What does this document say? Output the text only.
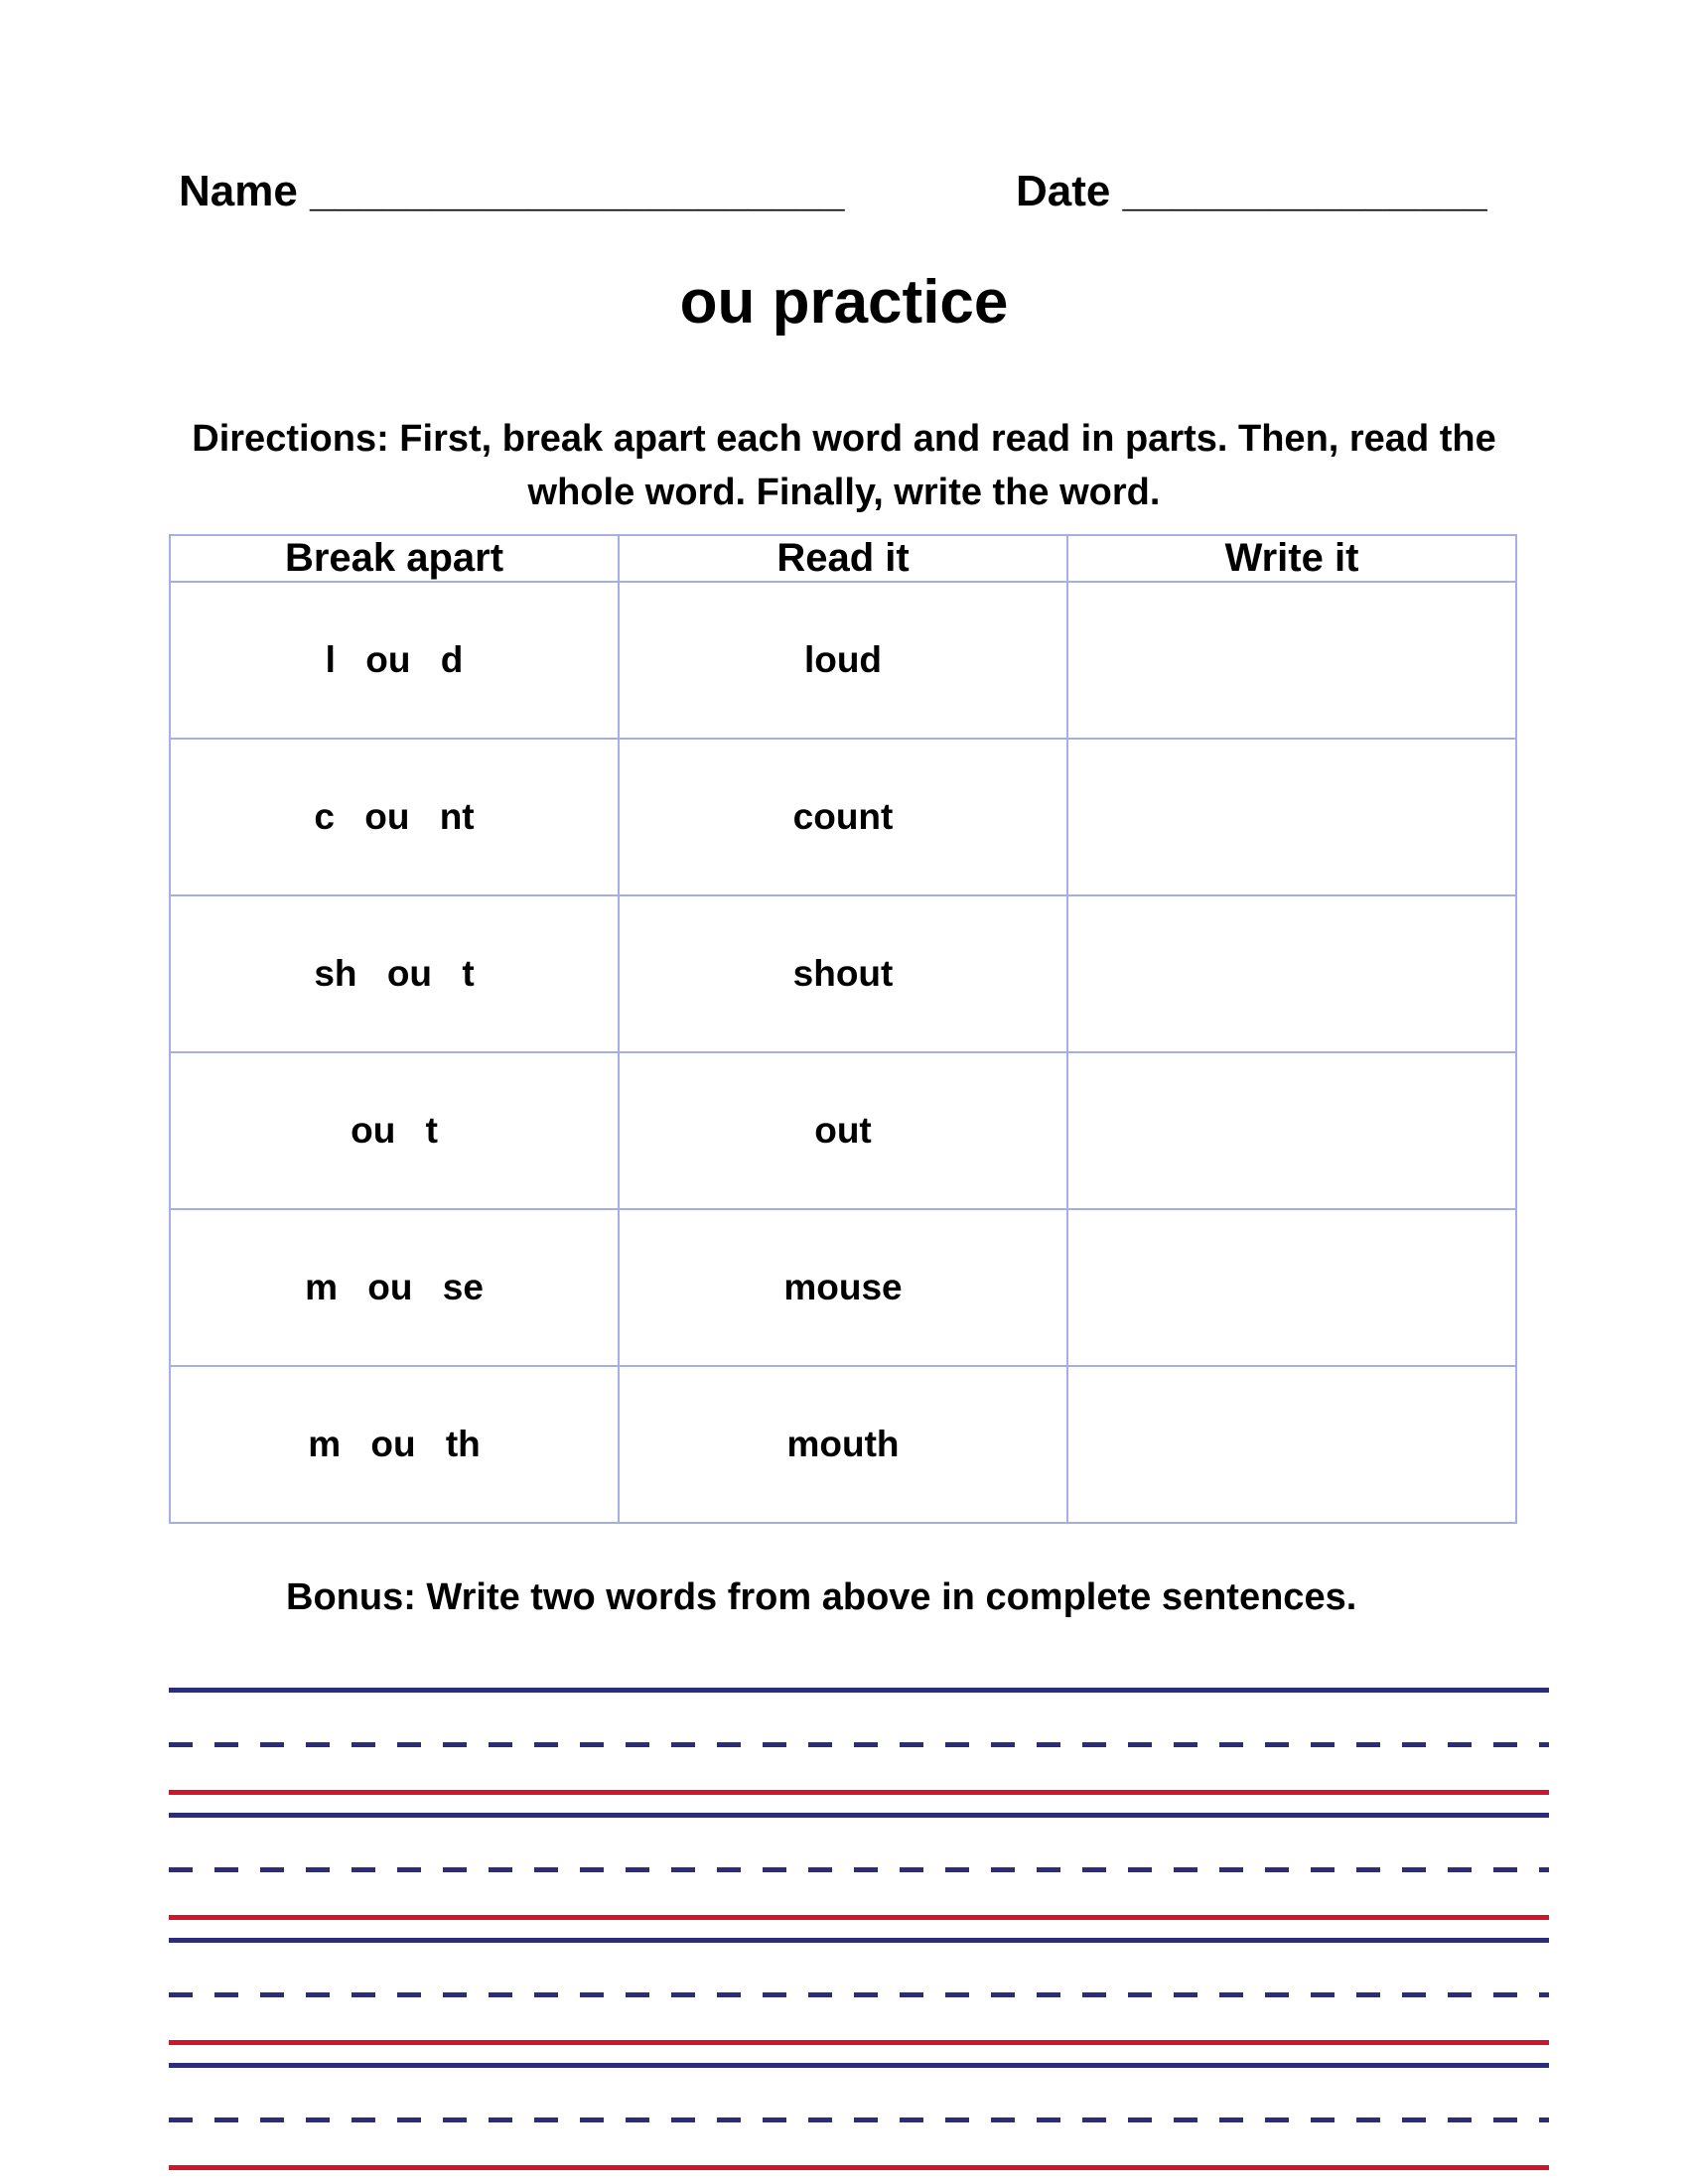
Name ______________________	Date _______________
ou practice
Directions: First, break apart each word and read in parts. Then, read the whole word. Finally, write the word.
Break apart	Read it	Write it
l ou d	loud	
c ou nt	count	
sh ou t	shout	
ou t	out	
m ou se	mouse	
m ou th	mouth	
Bonus: Write two words from above in complete sentences.
